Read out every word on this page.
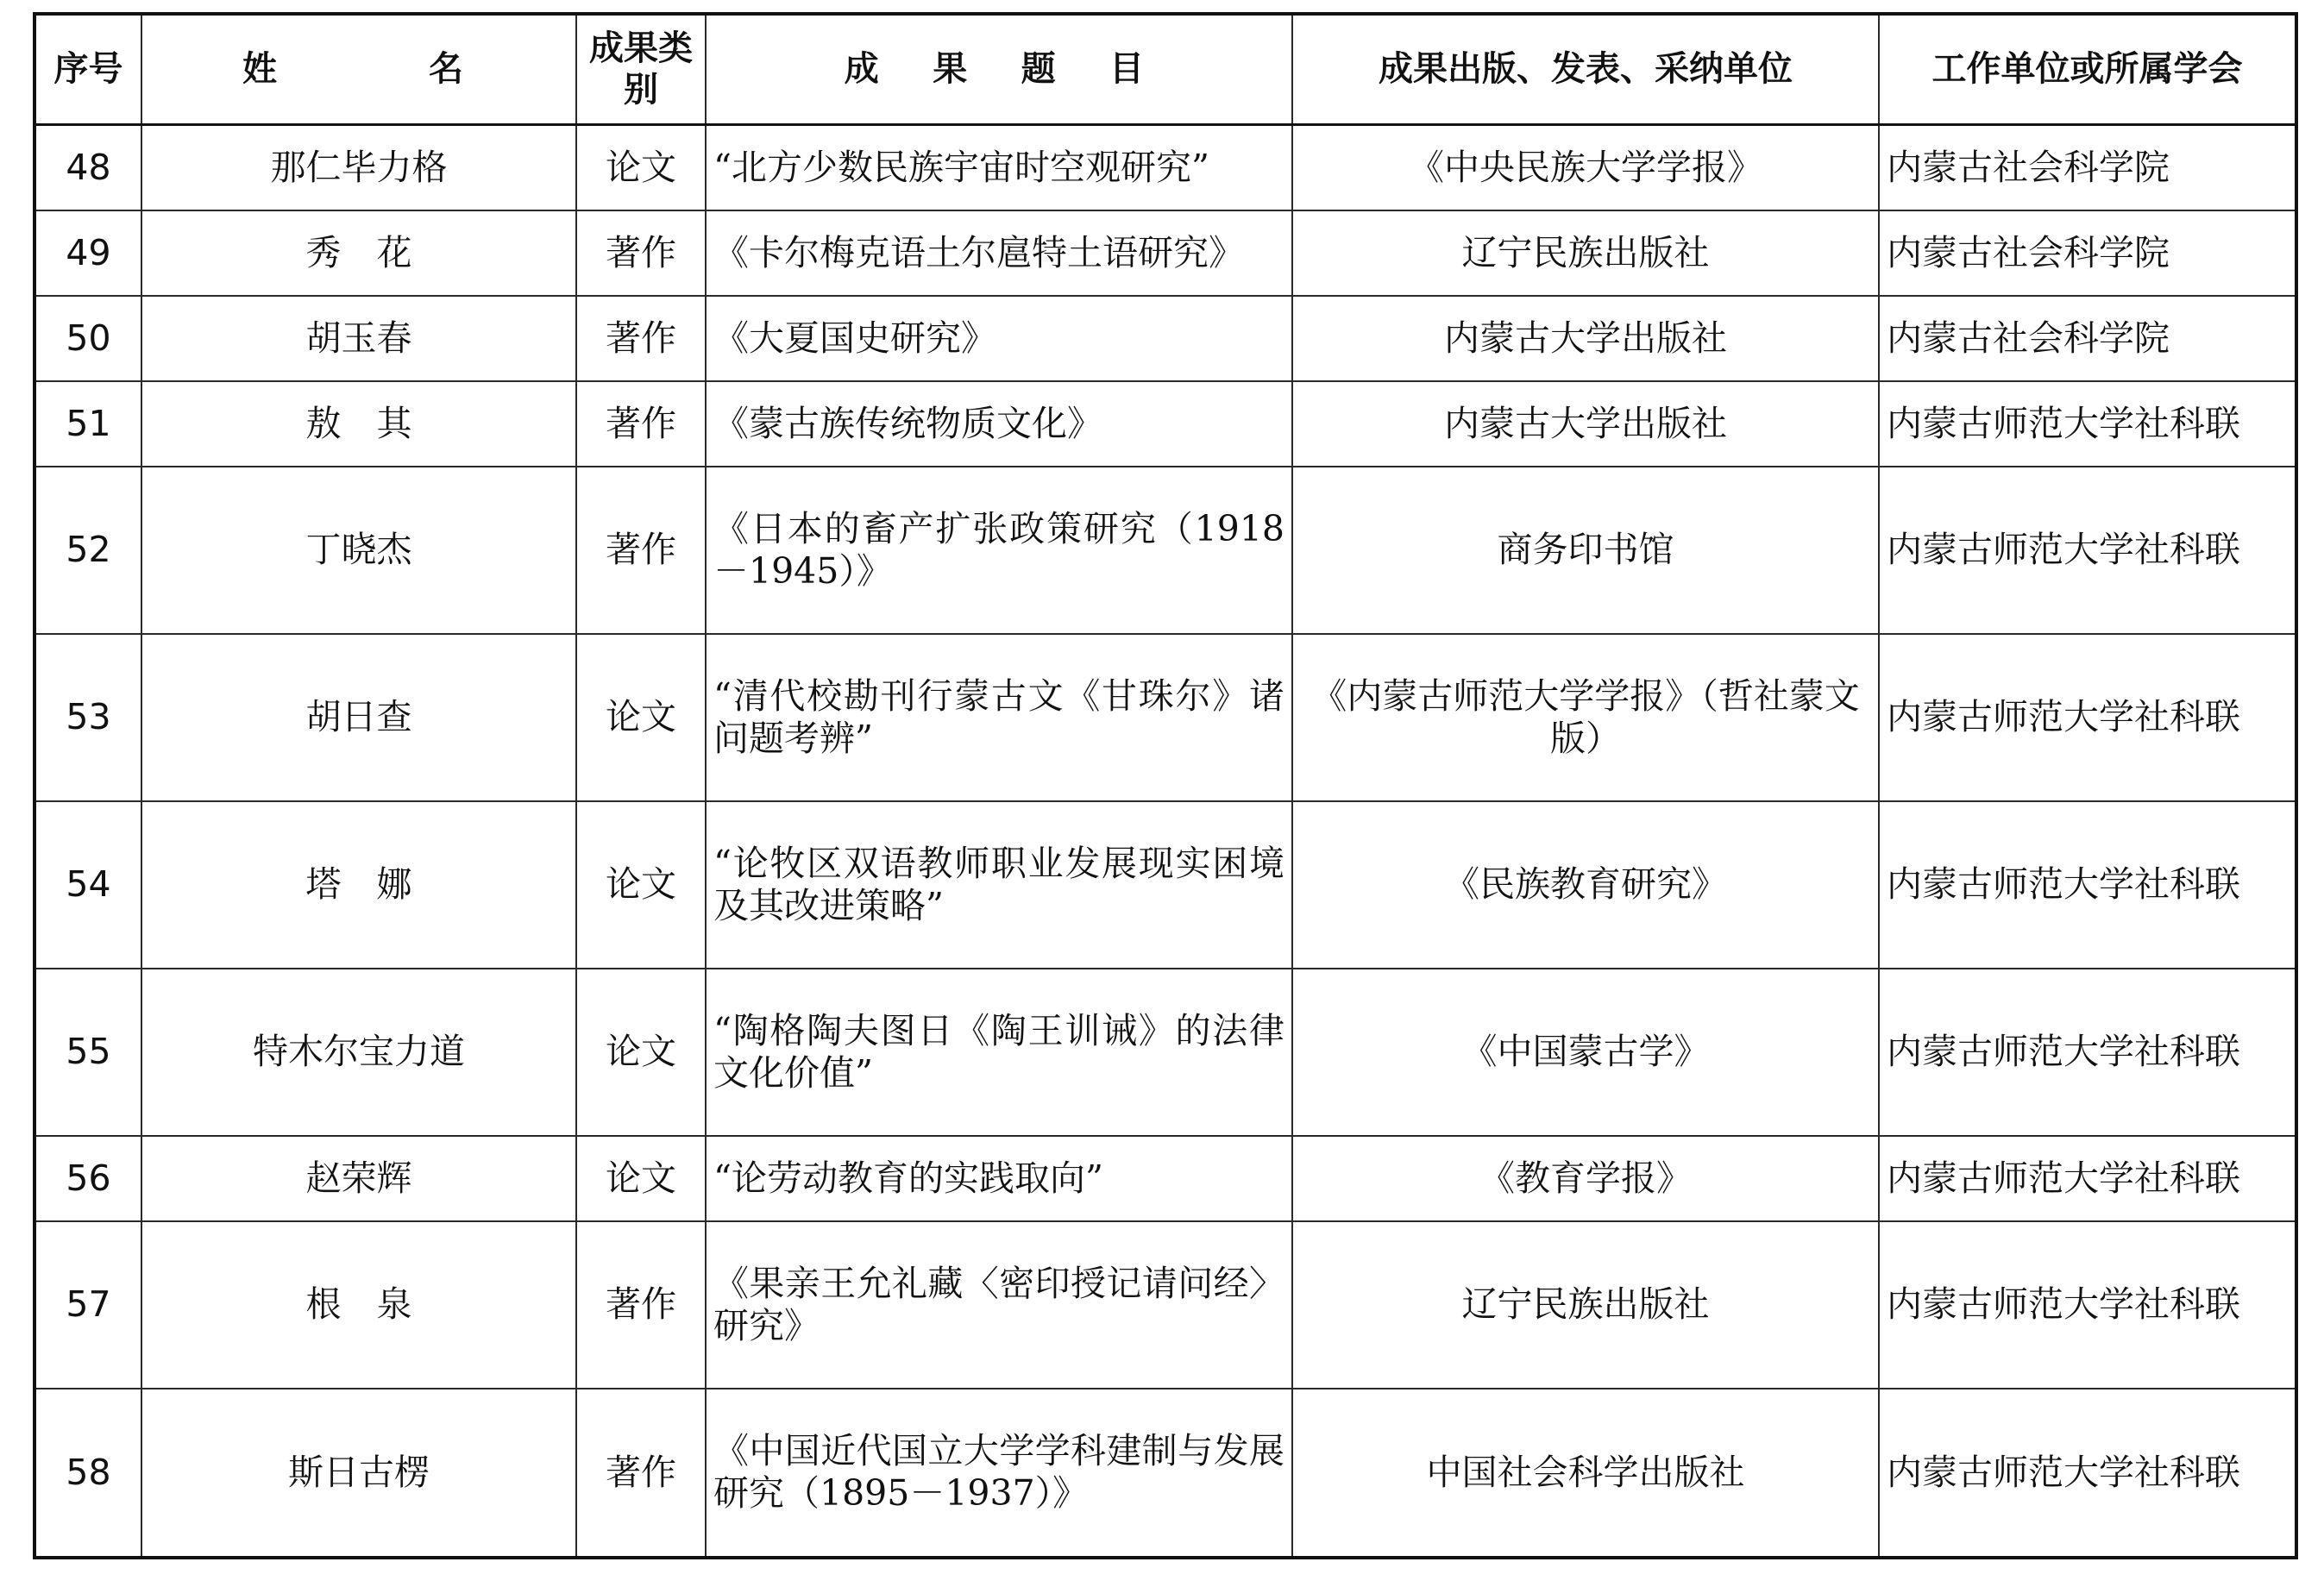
序号	姓　　　名	成果类别	成　果　题　目	成果出版、发表、采纳单位	工作单位或所属学会
48	那仁毕力格	论文	“北方少数民族宇宙时空观研究”	《中央民族大学学报》	内蒙古社会科学院
49	秀　花	著作	《卡尔梅克语土尔扈特土语研究》	辽宁民族出版社	内蒙古社会科学院
50	胡玉春	著作	《大夏国史研究》	内蒙古大学出版社	内蒙古社会科学院
51	敖　其	著作	《蒙古族传统物质文化》	内蒙古大学出版社	内蒙古师范大学社科联
52	丁晓杰	著作	《日本的畜产扩张政策研究（1918－1945）》	商务印书馆	内蒙古师范大学社科联
53	胡日查	论文	“清代校勘刊行蒙古文《甘珠尔》诸问题考辨”	《内蒙古师范大学学报》（哲社蒙文版）	内蒙古师范大学社科联
54	塔　娜	论文	“论牧区双语教师职业发展现实困境及其改进策略”	《民族教育研究》	内蒙古师范大学社科联
55	特木尔宝力道	论文	“陶格陶夫图日《陶王训诫》的法律文化价值”	《中国蒙古学》	内蒙古师范大学社科联
56	赵荣辉	论文	“论劳动教育的实践取向”	《教育学报》	内蒙古师范大学社科联
57	根　泉	著作	《果亲王允礼藏〈密印授记请问经〉研究》	辽宁民族出版社	内蒙古师范大学社科联
58	斯日古楞	著作	《中国近代国立大学学科建制与发展研究（1895－1937）》	中国社会科学出版社	内蒙古师范大学社科联
